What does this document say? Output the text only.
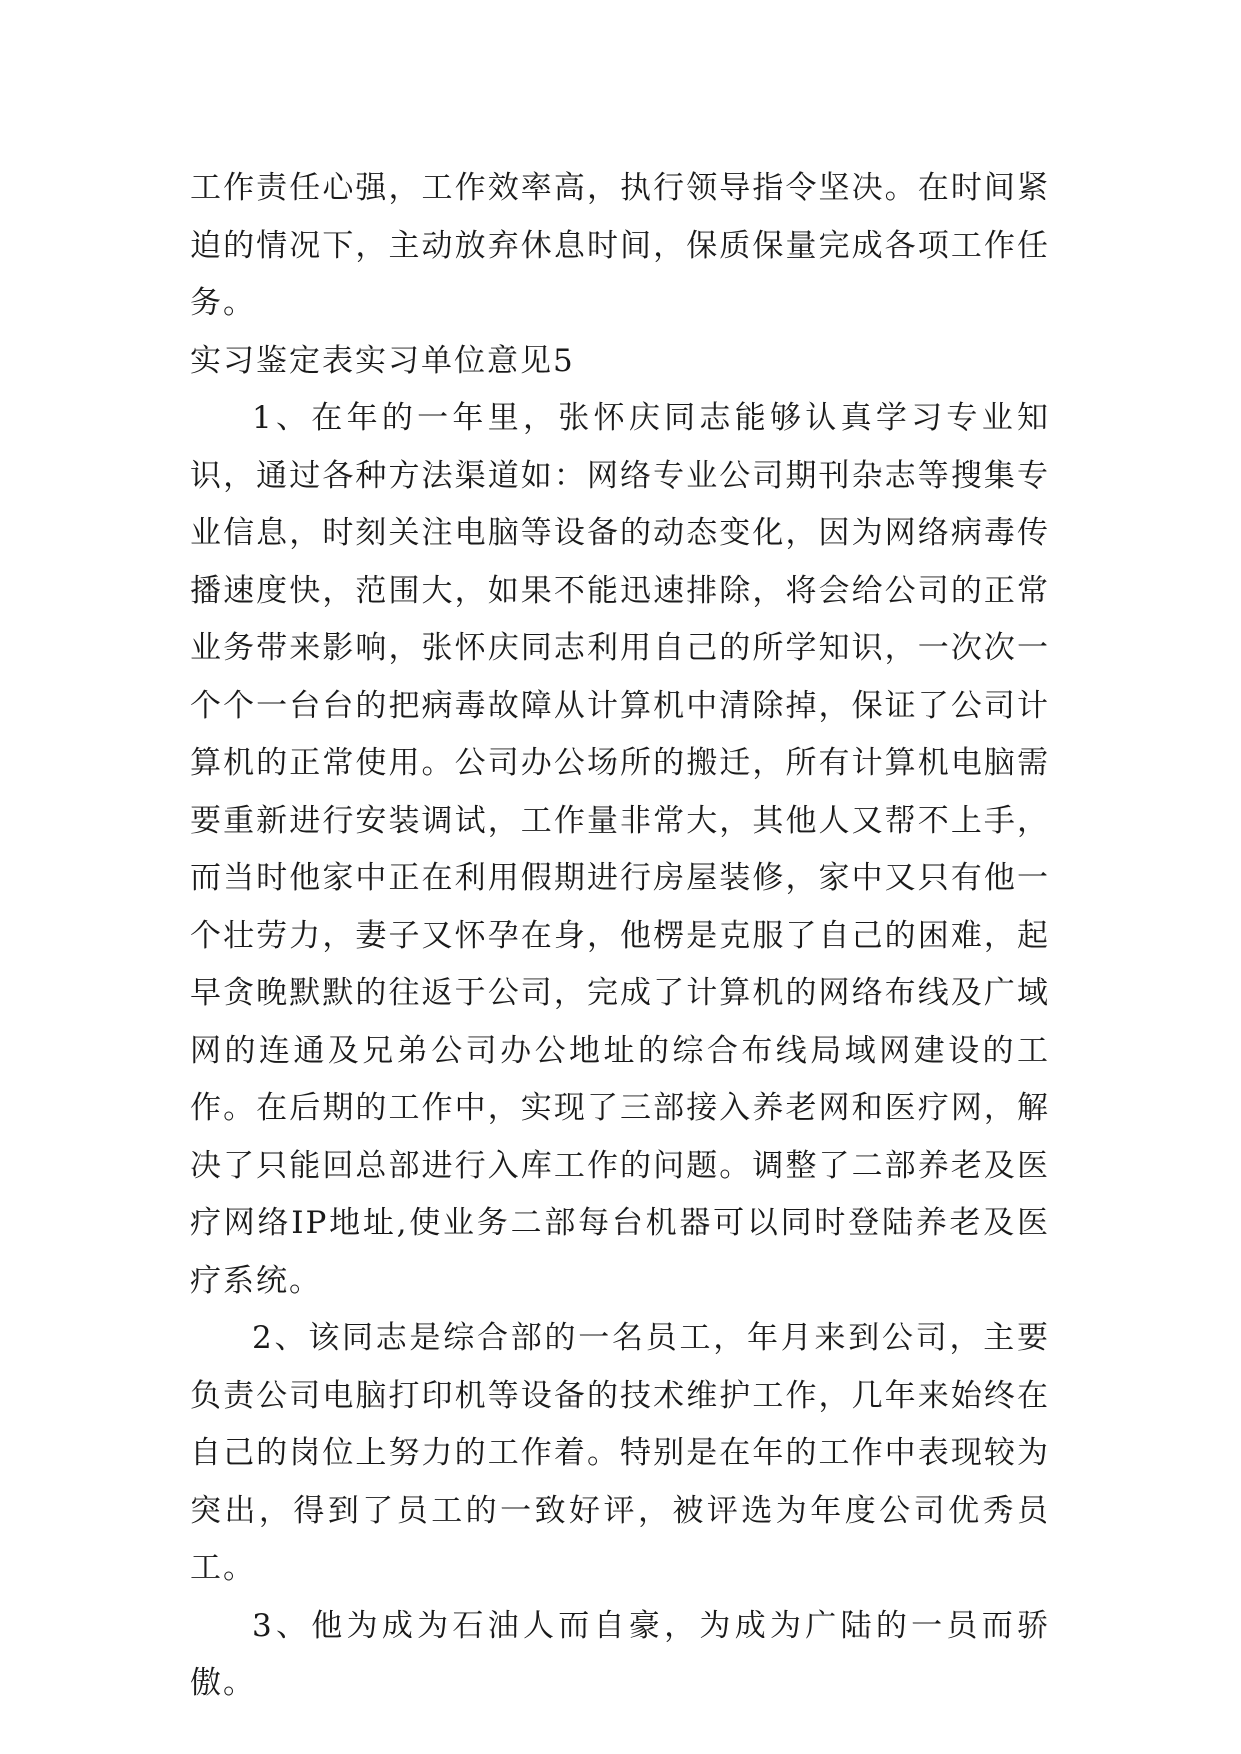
工作责任心强，工作效率高，执行领导指令坚决。在时间紧迫的情况下，主动放弃休息时间，保质保量完成各项工作任务。

实习鉴定表实习单位意见5

1、在年的一年里，张怀庆同志能够认真学习专业知识，通过各种方法渠道如：网络专业公司期刊杂志等搜集专业信息，时刻关注电脑等设备的动态变化，因为网络病毒传播速度快，范围大，如果不能迅速排除，将会给公司的正常业务带来影响，张怀庆同志利用自己的所学知识，一次次一个个一台台的把病毒故障从计算机中清除掉，保证了公司计算机的正常使用。公司办公场所的搬迁，所有计算机电脑需要重新进行安装调试，工作量非常大，其他人又帮不上手，而当时他家中正在利用假期进行房屋装修，家中又只有他一个壮劳力，妻子又怀孕在身，他楞是克服了自己的困难，起早贪晚默默的往返于公司，完成了计算机的网络布线及广域网的连通及兄弟公司办公地址的综合布线局域网建设的工作。在后期的工作中，实现了三部接入养老网和医疗网，解决了只能回总部进行入库工作的问题。调整了二部养老及医疗网络IP地址,使业务二部每台机器可以同时登陆养老及医疗系统。

2、该同志是综合部的一名员工，年月来到公司，主要负责公司电脑打印机等设备的技术维护工作，几年来始终在自己的岗位上努力的工作着。特别是在年的工作中表现较为突出，得到了员工的一致好评，被评选为年度公司优秀员工。

3、他为成为石油人而自豪，为成为广陆的一员而骄傲。
